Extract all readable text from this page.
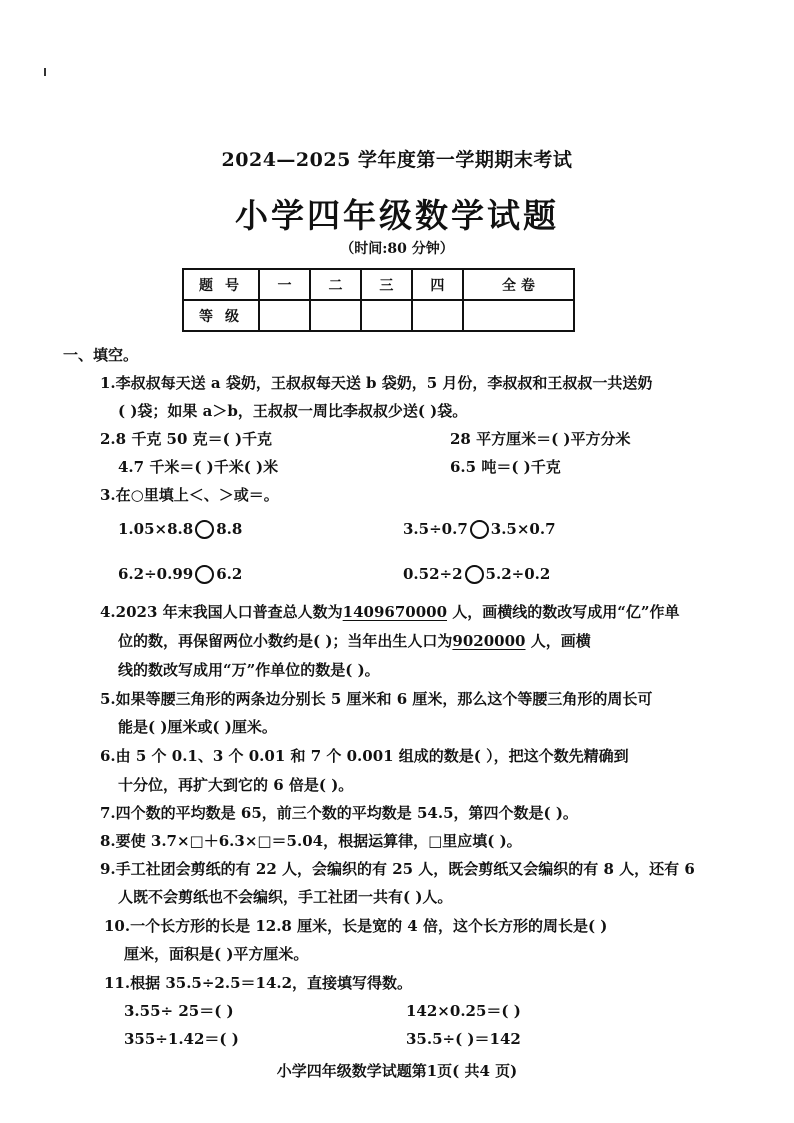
2024—2025 学年度第一学期期末考试
小学四年级数学试题
（时间:80 分钟）
题号	一	二	三	四	全 卷
等级					
一、填空。
1.李叔叔每天送 a 袋奶，王叔叔每天送 b 袋奶，5 月份，李叔叔和王叔叔一共送奶
( )袋；如果 a＞b，王叔叔一周比李叔叔少送( )袋。
2.8 千克 50 克＝( )千克	28 平方厘米＝( )平方分米
4.7 千米＝( )千米( )米	6.5 吨＝( )千克
3.在○里填上＜、＞或＝。
1.05×8.8 8.8	3.5÷0.7 3.5×0.7
6.2÷0.99 6.2	0.52÷2 5.2÷0.2
4.2023 年末我国人口普查总人数为1409670000 人，画横线的数改写成用“亿”作单
位的数，再保留两位小数约是( )；当年出生人口为9020000 人，画横
线的数改写成用“万”作单位的数是( )。
5.如果等腰三角形的两条边分别长 5 厘米和 6 厘米，那么这个等腰三角形的周长可
能是( )厘米或( )厘米。
6.由 5 个 0.1、3 个 0.01 和 7 个 0.001 组成的数是( ），把这个数先精确到
十分位，再扩大到它的 6 倍是( )。
7.四个数的平均数是 65，前三个数的平均数是 54.5，第四个数是( )。
8.要使 3.7×□＋6.3×□＝5.04，根据运算律，□里应填( )。
9.手工社团会剪纸的有 22 人，会编织的有 25 人，既会剪纸又会编织的有 8 人，还有 6
人既不会剪纸也不会编织，手工社团一共有( )人。
10.一个长方形的长是 12.8 厘米，长是宽的 4 倍，这个长方形的周长是( )
厘米，面积是( )平方厘米。
11.根据 35.5÷2.5＝14.2，直接填写得数。
3.55÷ 25＝( )	142×0.25＝( )
355÷1.42＝( )	35.5÷( )＝142
小学四年级数学试题第1页( 共4 页)
